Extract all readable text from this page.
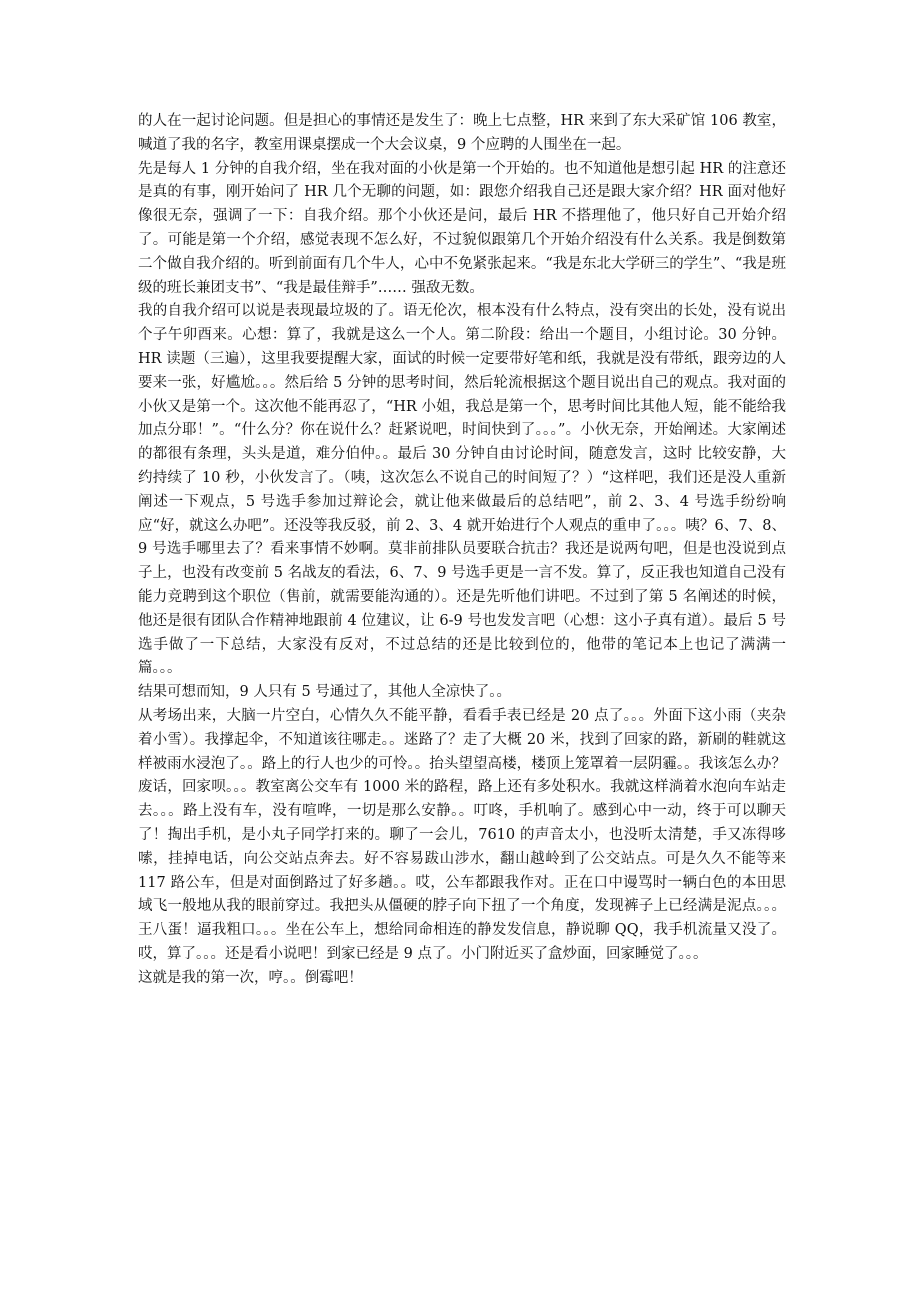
的人在一起讨论问题。但是担心的事情还是发生了：晚上七点整，HR 来到了东大采矿馆 106 教室，喊道了我的名字，教室用课桌摆成一个大会议桌，9 个应聘的人围坐在一起。

先是每人 1 分钟的自我介绍，坐在我对面的小伙是第一个开始的。也不知道他是想引起 HR 的注意还是真的有事，刚开始问了 HR 几个无聊的问题，如：跟您介绍我自己还是跟大家介绍？HR 面对他好像很无奈，强调了一下：自我介绍。那个小伙还是问，最后 HR 不搭理他了，他只好自己开始介绍了。可能是第一个介绍，感觉表现不怎么好，不过貌似跟第几个开始介绍没有什么关系。我是倒数第二个做自我介绍的。听到前面有几个牛人，心中不免紧张起来。“我是东北大学研三的学生”、“我是班级的班长兼团支书”、“我是最佳辩手”…… 强敌无数。

我的自我介绍可以说是表现最垃圾的了。语无伦次，根本没有什么特点，没有突出的长处，没有说出个子午卯酉来。心想：算了，我就是这么一个人。第二阶段：给出一个题目，小组讨论。30 分钟。HR 读题（三遍），这里我要提醒大家，面试的时候一定要带好笔和纸，我就是没有带纸，跟旁边的人要来一张，好尴尬。。。然后给 5 分钟的思考时间，然后轮流根据这个题目说出自己的观点。我对面的小伙又是第一个。这次他不能再忍了，“HR 小姐，我总是第一个，思考时间比其他人短，能不能给我加点分耶！”。“什么分？你在说什么？赶紧说吧，时间快到了。。。”。小伙无奈，开始阐述。大家阐述的都很有条理，头头是道，难分伯仲。。最后 30 分钟自由讨论时间，随意发言，这时 比较安静，大约持续了 10 秒，小伙发言了。（咦，这次怎么不说自己的时间短了？）“这样吧，我们还是没人重新阐述一下观点，5 号选手参加过辩论会，就让他来做最后的总结吧”，前 2、3、4 号选手纷纷响应“好，就这么办吧”。还没等我反驳，前 2、3、4 就开始进行个人观点的重申了。。。咦？6、7、8、9 号选手哪里去了？看来事情不妙啊。莫非前排队员要联合抗击？我还是说两句吧，但是也没说到点子上，也没有改变前 5 名战友的看法，6、7、9 号选手更是一言不发。算了，反正我也知道自己没有能力竞聘到这个职位（售前，就需要能沟通的）。还是先听他们讲吧。不过到了第 5 名阐述的时候，他还是很有团队合作精神地跟前 4 位建议，让 6-9 号也发发言吧（心想：这小子真有道）。最后 5 号选手做了一下总结，大家没有反对，不过总结的还是比较到位的，他带的笔记本上也记了满满一篇。。。

结果可想而知，9 人只有 5 号通过了，其他人全凉快了。。

从考场出来，大脑一片空白，心情久久不能平静，看看手表已经是 20 点了。。。外面下这小雨（夹杂着小雪）。我撑起伞，不知道该往哪走。。迷路了？走了大概 20 米，找到了回家的路，新刷的鞋就这样被雨水浸泡了。。路上的行人也少的可怜。。抬头望望高楼，楼顶上笼罩着一层阴霾。。我该怎么办？废话，回家呗。。。教室离公交车有 1000 米的路程，路上还有多处积水。我就这样淌着水泡向车站走去。。。路上没有车，没有喧哗，一切是那么安静。。叮咚，手机响了。感到心中一动，终于可以聊天了！掏出手机，是小丸子同学打来的。聊了一会儿，7610 的声音太小，也没听太清楚，手又冻得哆嗦，挂掉电话，向公交站点奔去。好不容易跋山涉水，翻山越岭到了公交站点。可是久久不能等来 117 路公车，但是对面倒路过了好多趟。。哎，公车都跟我作对。正在口中谩骂时一辆白色的本田思域飞一般地从我的眼前穿过。我把头从僵硬的脖子向下扭了一个角度，发现裤子上已经满是泥点。。。王八蛋！逼我粗口。。。坐在公车上，想给同命相连的静发发信息，静说聊 QQ，我手机流量又没了。哎，算了。。。还是看小说吧！到家已经是 9 点了。小门附近买了盒炒面，回家睡觉了。。。

这就是我的第一次，哼。。倒霉吧！
